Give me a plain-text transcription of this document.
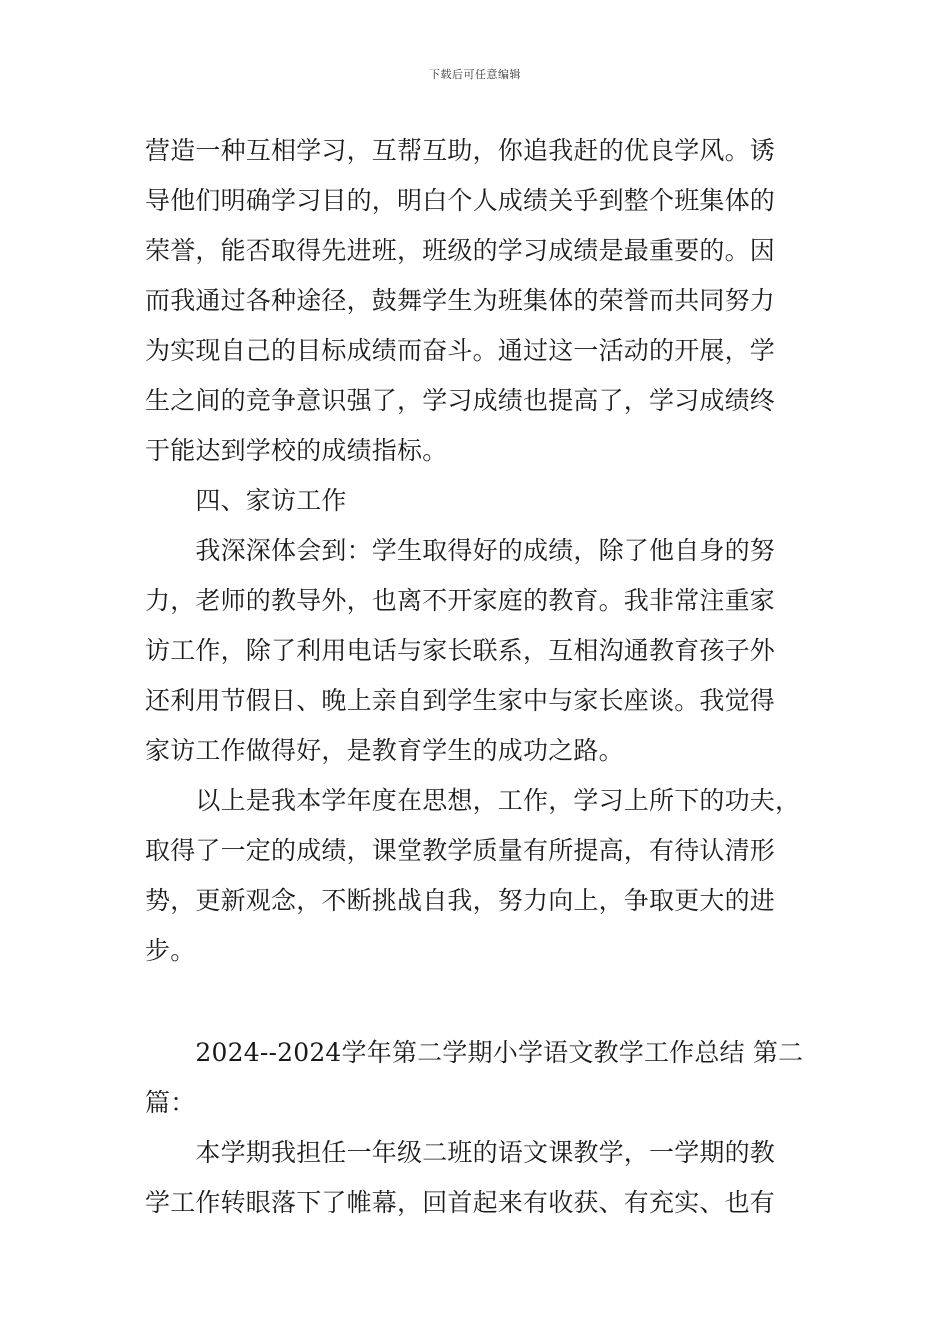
下载后可任意编辑
营造一种互相学习，互帮互助，你追我赶的优良学风。诱
导他们明确学习目的，明白个人成绩关乎到整个班集体的
荣誉，能否取得先进班，班级的学习成绩是最重要的。因
而我通过各种途径，鼓舞学生为班集体的荣誉而共同努力
为实现自己的目标成绩而奋斗。通过这一活动的开展，学
生之间的竞争意识强了，学习成绩也提高了，学习成绩终
于能达到学校的成绩指标。
　　四、家访工作
　　我深深体会到：学生取得好的成绩，除了他自身的努
力，老师的教导外，也离不开家庭的教育。我非常注重家
访工作，除了利用电话与家长联系，互相沟通教育孩子外
还利用节假日、晚上亲自到学生家中与家长座谈。我觉得
家访工作做得好，是教育学生的成功之路。
　　以上是我本学年度在思想，工作，学习上所下的功夫，
取得了一定的成绩，课堂教学质量有所提高，有待认清形
势，更新观念，不断挑战自我，努力向上，争取更大的进
步。
　　2024--2024学年第二学期小学语文教学工作总结 第二
篇：
　　本学期我担任一年级二班的语文课教学，一学期的教
学工作转眼落下了帷幕，回首起来有收获、有充实、也有
